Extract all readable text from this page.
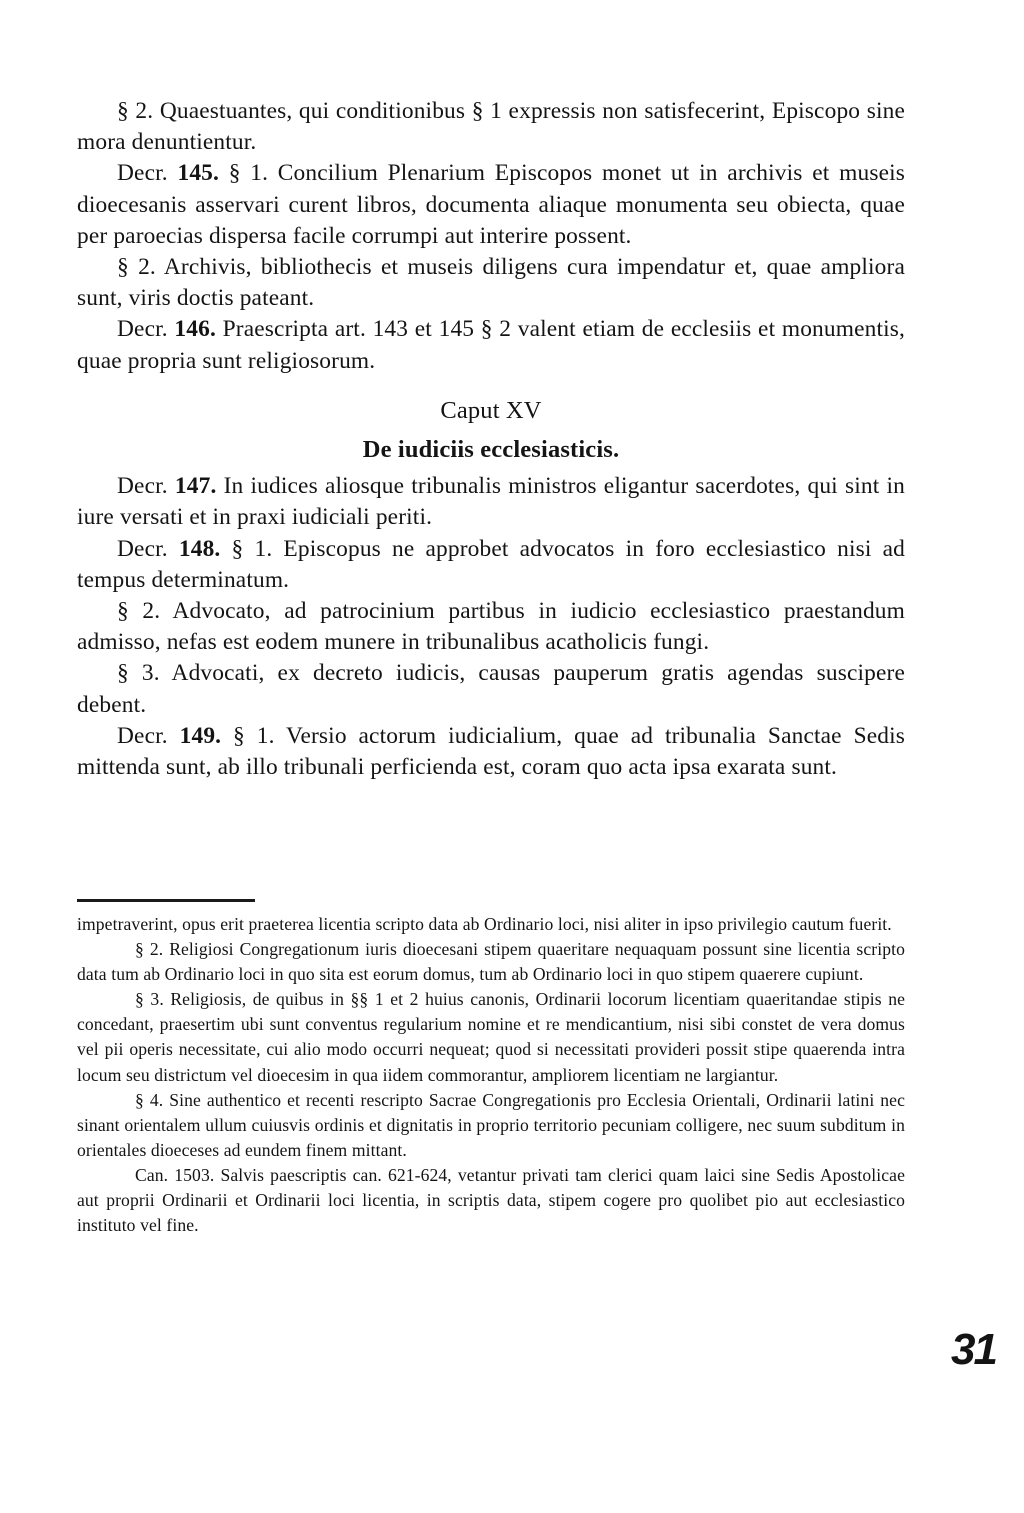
§ 2. Quaestuantes, qui conditionibus § 1 expressis non satisfecerint, Episcopo sine mora denuntientur.

Decr. 145. § 1. Concilium Plenarium Episcopos monet ut in archivis et museis dioecesanis asservari curent libros, documenta aliaque monumenta seu obiecta, quae per paroecias dispersa facile corrumpi aut interire possent.

§ 2. Archivis, bibliothecis et museis diligens cura impendatur et, quae ampliora sunt, viris doctis pateant.

Decr. 146. Praescripta art. 143 et 145 § 2 valent etiam de ecclesiis et monumentis, quae propria sunt religiosorum.

Caput XV

De iudiciis ecclesiasticis.

Decr. 147. In iudices aliosque tribunalis ministros eligantur sacerdotes, qui sint in iure versati et in praxi iudiciali periti.

Decr. 148. § 1. Episcopus ne approbet advocatos in foro ecclesiastico nisi ad tempus determinatum.

§ 2. Advocato, ad patrocinium partibus in iudicio ecclesiastico praestandum admisso, nefas est eodem munere in tribunalibus acatholicis fungi.

§ 3. Advocati, ex decreto iudicis, causas pauperum gratis agendas suscipere debent.

Decr. 149. § 1. Versio actorum iudicialium, quae ad tribunalia Sanctae Sedis mittenda sunt, ab illo tribunali perficienda est, coram quo acta ipsa exarata sunt.

impetraverint, opus erit praeterea licentia scripto data ab Ordinario loci, nisi aliter in ipso privilegio cautum fuerit.

§ 2. Religiosi Congregationum iuris dioecesani stipem quaeritare nequaquam possunt sine licentia scripto data tum ab Ordinario loci in quo sita est eorum domus, tum ab Ordinario loci in quo stipem quaerere cupiunt.

§ 3. Religiosis, de quibus in §§ 1 et 2 huius canonis, Ordinarii locorum licentiam quaeritandae stipis ne concedant, praesertim ubi sunt conventus regularium nomine et re mendicantium, nisi sibi constet de vera domus vel pii operis necessitate, cui alio modo occurri nequeat; quod si necessitati provideri possit stipe quaerenda intra locum seu districtum vel dioecesim in qua iidem commorantur, ampliorem licentiam ne largiantur.

§ 4. Sine authentico et recenti rescripto Sacrae Congregationis pro Ecclesia Orientali, Ordinarii latini nec sinant orientalem ullum cuiusvis ordinis et dignitatis in proprio territorio pecuniam colligere, nec suum subditum in orientales dioeceses ad eundem finem mittant.

Can. 1503. Salvis paescriptis can. 621-624, vetantur privati tam clerici quam laici sine Sedis Apostolicae aut proprii Ordinarii et Ordinarii loci licentia, in scriptis data, stipem cogere pro quolibet pio aut ecclesiastico instituto vel fine.

31
